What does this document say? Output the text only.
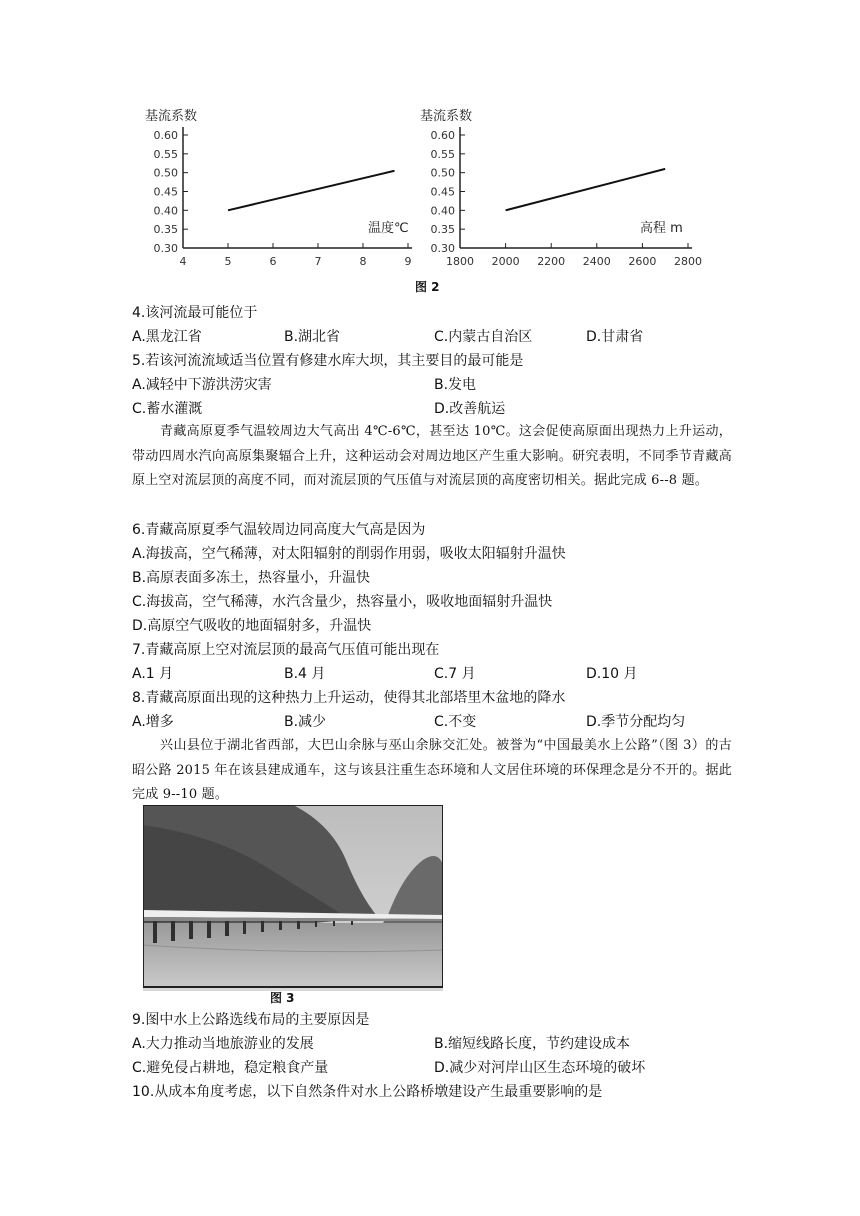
基流系数
温度℃
0.30
0.35
0.40
0.45
0.50
0.55
0.60
4	5	6	7	8	9
基流系数
高程 m
0.30
0.35
0.40
0.45
0.50
0.55
0.60
1800 2000 2200 2400 2600 2800
图 2
4.该河流最可能位于
A.黑龙江省	B.湖北省	C.内蒙古自治区	D.甘肃省
5.若该河流流域适当位置有修建水库大坝，其主要目的最可能是
A.减轻中下游洪涝灾害	B.发电
C.蓄水灌溉	D.改善航运
青藏高原夏季气温较周边大气高出 4℃-6℃，甚至达 10℃。这会促使高原面出现热力上升运动，带动四周水汽向高原集聚辐合上升，这种运动会对周边地区产生重大影响。研究表明，不同季节青藏高原上空对流层顶的高度不同，而对流层顶的气压值与对流层顶的高度密切相关。据此完成 6--8 题。
6.青藏高原夏季气温较周边同高度大气高是因为
A.海拔高，空气稀薄，对太阳辐射的削弱作用弱，吸收太阳辐射升温快
B.高原表面多冻土，热容量小，升温快
C.海拔高，空气稀薄，水汽含量少，热容量小，吸收地面辐射升温快
D.高原空气吸收的地面辐射多，升温快
7.青藏高原上空对流层顶的最高气压值可能出现在
A.1 月	B.4 月	C.7 月	D.10 月
8.青藏高原面出现的这种热力上升运动，使得其北部塔里木盆地的降水
A.增多	B.减少	C.不变	D.季节分配均匀
兴山县位于湖北省西部，大巴山余脉与巫山余脉交汇处。被誉为“中国最美水上公路”（图 3）的古昭公路 2015 年在该县建成通车，这与该县注重生态环境和人文居住环境的环保理念是分不开的。据此完成 9--10 题。
图 3
9.图中水上公路选线布局的主要原因是
A.大力推动当地旅游业的发展	B.缩短线路长度，节约建设成本
C.避免侵占耕地，稳定粮食产量	D.减少对河岸山区生态环境的破坏
10.从成本角度考虑，以下自然条件对水上公路桥墩建设产生最重要影响的是
